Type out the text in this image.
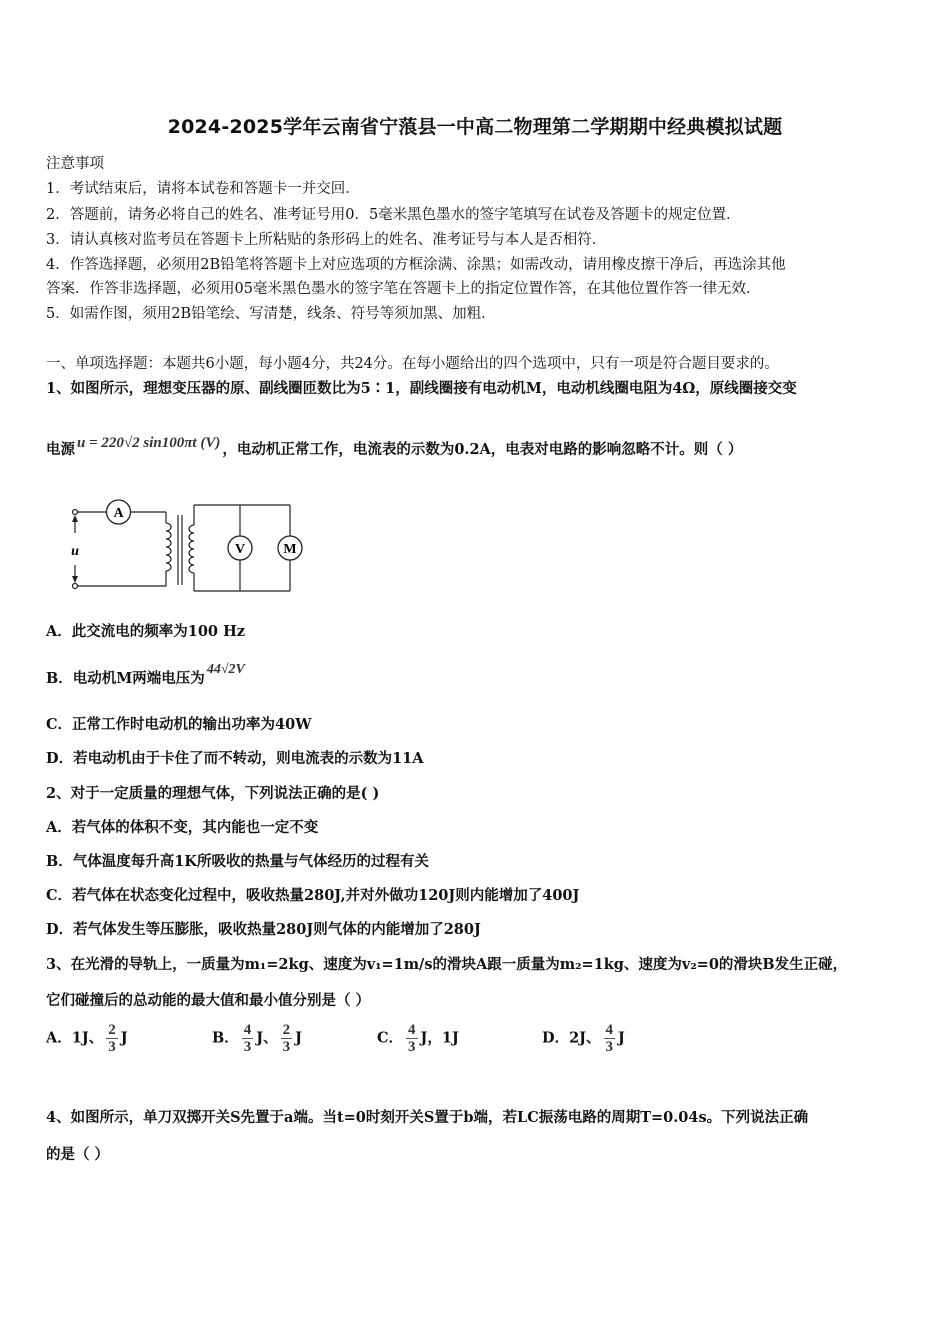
2024-2025学年云南省宁蒗县一中高二物理第二学期期中经典模拟试题
注意事项
1．考试结束后，请将本试卷和答题卡一并交回．
2．答题前，请务必将自己的姓名、准考证号用0．5毫米黑色墨水的签字笔填写在试卷及答题卡的规定位置．
3．请认真核对监考员在答题卡上所粘贴的条形码上的姓名、准考证号与本人是否相符．
4．作答选择题，必须用2B铅笔将答题卡上对应选项的方框涂满、涂黑；如需改动，请用橡皮擦干净后，再选涂其他
答案．作答非选择题，必须用05毫米黑色墨水的签字笔在答题卡上的指定位置作答，在其他位置作答一律无效．
5．如需作图，须用2B铅笔绘、写清楚，线条、符号等须加黑、加粗．
一、单项选择题：本题共6小题，每小题4分，共24分。在每小题给出的四个选项中，只有一项是符合题目要求的。
1、如图所示，理想变压器的原、副线圈匝数比为5∶1，副线圈接有电动机M，电动机线圈电阻为4Ω，原线圈接交变
电源 u = 220√2 sin100πt (V) ，电动机正常工作，电流表的示数为0.2A，电表对电路的影响忽略不计。则（ ）
A
V	M
u
A．此交流电的频率为100 Hz
B．电动机M两端电压为44√2V
C．正常工作时电动机的输出功率为40W
D．若电动机由于卡住了而不转动，则电流表的示数为11A
2、对于一定质量的理想气体，下列说法正确的是( )
A．若气体的体积不变，其内能也一定不变
B．气体温度每升高1K所吸收的热量与气体经历的过程有关
C．若气体在状态变化过程中，吸收热量280J,并对外做功120J则内能增加了400J
D．若气体发生等压膨胀，吸收热量280J则气体的内能增加了280J
3、在光滑的导轨上，一质量为m₁=2kg、速度为v₁=1m/s的滑块A跟一质量为m₂=1kg、速度为v₂=0的滑块B发生正碰，
它们碰撞后的总动能的最大值和最小值分别是（ ）
A．1J、 $\frac{2}{3}$ J	B． $\frac{4}{3}$ J、 $\frac{2}{3}$ J	C． $\frac{4}{3}$ J，1J	D．2J、 $\frac{4}{3}$ J
4、如图所示，单刀双掷开关S先置于a端。当t=0时刻开关S置于b端，若LC振荡电路的周期T=0.04s。下列说法正确
的是（ ）
